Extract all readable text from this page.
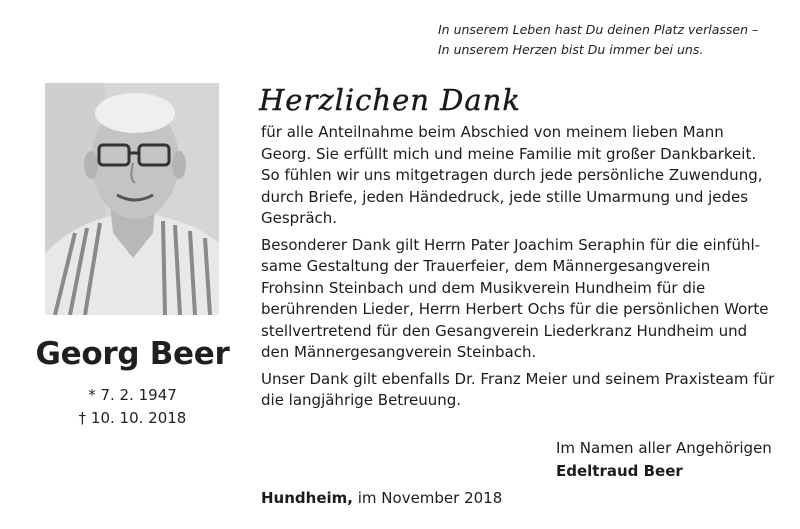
In unserem Leben hast Du deinen Platz verlassen –
In unserem Herzen bist Du immer bei uns.
Georg Beer
* 7. 2. 1947
† 10. 10. 2018
Herzlichen Dank
für alle Anteilnahme beim Abschied von meinem lieben Mann
Georg. Sie erfüllt mich und meine Familie mit großer Dankbarkeit.
So fühlen wir uns mitgetragen durch jede persönliche Zuwendung,
durch Briefe, jeden Händedruck, jede stille Umarmung und jedes
Gespräch.
Besonderer Dank gilt Herrn Pater Joachim Seraphin für die einfühl-
same Gestaltung der Trauerfeier, dem Männergesangverein
Frohsinn Steinbach und dem Musikverein Hundheim für die
berührenden Lieder, Herrn Herbert Ochs für die persönlichen Worte
stellvertretend für den Gesangverein Liederkranz Hundheim und
den Männergesangverein Steinbach.
Unser Dank gilt ebenfalls Dr. Franz Meier und seinem Praxisteam für
die langjährige Betreuung.
Im Namen aller Angehörigen
Edeltraud Beer
Hundheim, im November 2018
